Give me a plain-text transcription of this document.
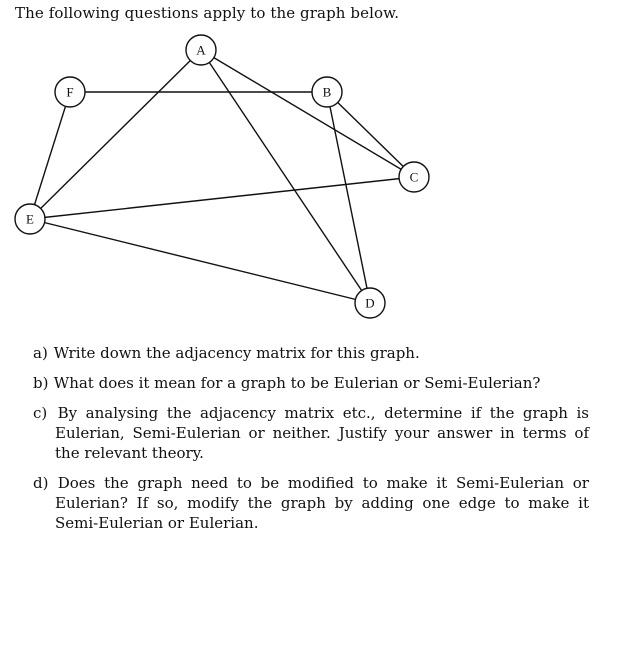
The following questions apply to the graph below.

A
B
C
D
E
F
a) Write down the adjacency matrix for this graph.
b) What does it mean for a graph to be Eulerian or Semi-Eulerian?
c) By analysing the adjacency matrix etc., determine if the graph is Eulerian, Semi-Eulerian or neither. Justify your answer in terms of the relevant theory.
d) Does the graph need to be modified to make it Semi-Eulerian or Eulerian? If so, modify the graph by adding one edge to make it Semi-Eulerian or Eulerian.
